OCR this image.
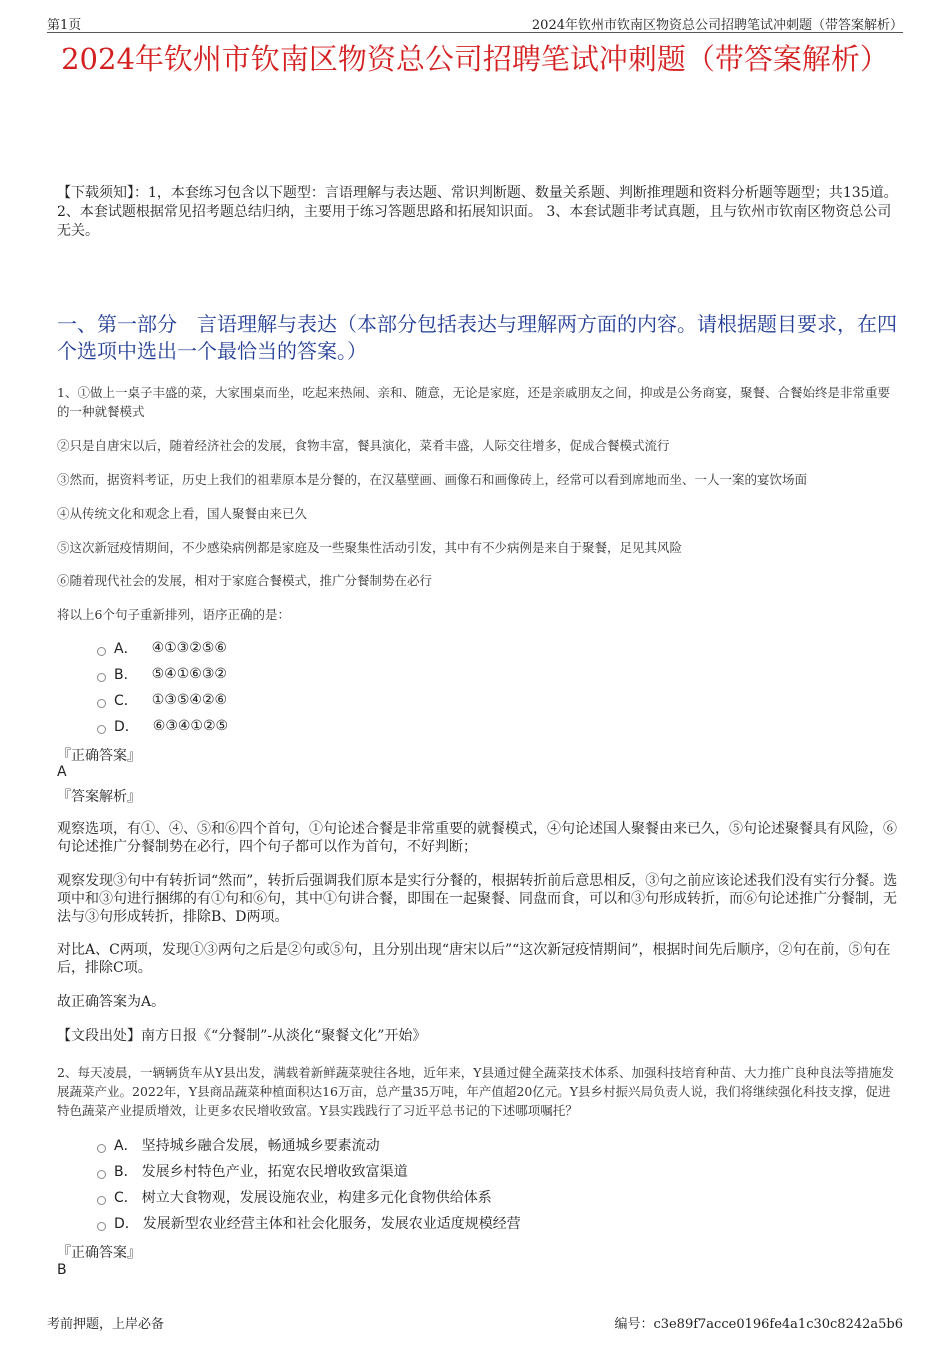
第1页	2024年钦州市钦南区物资总公司招聘笔试冲刺题（带答案解析）
2024年钦州市钦南区物资总公司招聘笔试冲刺题（带答案解析）
【下载须知】：1，本套练习包含以下题型：言语理解与表达题、常识判断题、数量关系题、判断推理题和资料分析题等题型；共135道。 2、本套试题根据常见招考题总结归纳，主要用于练习答题思路和拓展知识面。 3、本套试题非考试真题，且与钦州市钦南区物资总公司无关。
一、第一部分　言语理解与表达（本部分包括表达与理解两方面的内容。请根据题目要求，在四个选项中选出一个最恰当的答案。）
1、①做上一桌子丰盛的菜，大家围桌而坐，吃起来热闹、亲和、随意，无论是家庭，还是亲戚朋友之间，抑或是公务商宴，聚餐、合餐始终是非常重要的一种就餐模式
②只是自唐宋以后，随着经济社会的发展，食物丰富，餐具演化，菜肴丰盛，人际交往增多，促成合餐模式流行
③然而，据资料考证，历史上我们的祖辈原本是分餐的，在汉墓壁画、画像石和画像砖上，经常可以看到席地而坐、一人一案的宴饮场面
④从传统文化和观念上看，国人聚餐由来已久
⑤这次新冠疫情期间，不少感染病例都是家庭及一些聚集性活动引发，其中有不少病例是来自于聚餐，足见其风险
⑥随着现代社会的发展，相对于家庭合餐模式，推广分餐制势在必行
将以上6个句子重新排列，语序正确的是：
A． ④①③②⑤⑥
B． ⑤④①⑥③②
C． ①③⑤④②⑥
D． ⑥③④①②⑤
『正确答案』
A
『答案解析』
观察选项，有①、④、⑤和⑥四个首句，①句论述合餐是非常重要的就餐模式，④句论述国人聚餐由来已久，⑤句论述聚餐具有风险，⑥句论述推广分餐制势在必行，四个句子都可以作为首句，不好判断；
观察发现③句中有转折词“然而”，转折后强调我们原本是实行分餐的，根据转折前后意思相反，③句之前应该论述我们没有实行分餐。选项中和③句进行捆绑的有①句和⑥句，其中①句讲合餐，即围在一起聚餐、同盘而食，可以和③句形成转折，而⑥句论述推广分餐制，无法与③句形成转折，排除B、D两项。
对比A、C两项，发现①③两句之后是②句或⑤句，且分别出现“唐宋以后”“这次新冠疫情期间”，根据时间先后顺序，②句在前，⑤句在后，排除C项。
故正确答案为A。
【文段出处】南方日报《“分餐制”-从淡化“聚餐文化”开始》
2、每天凌晨，一辆辆货车从Y县出发，满载着新鲜蔬菜驶往各地，近年来，Y县通过健全蔬菜技术体系、加强科技培育种苗、大力推广良种良法等措施发展蔬菜产业。2022年，Y县商品蔬菜种植面积达16万亩，总产量35万吨，年产值超20亿元。Y县乡村振兴局负责人说，我们将继续强化科技支撑，促进特色蔬菜产业提质增效，让更多农民增收致富。Y县实践践行了习近平总书记的下述哪项嘱托？
A． 坚持城乡融合发展，畅通城乡要素流动
B． 发展乡村特色产业，拓宽农民增收致富渠道
C． 树立大食物观，发展设施农业，构建多元化食物供给体系
D． 发展新型农业经营主体和社会化服务，发展农业适度规模经营
『正确答案』
B
考前押题，上岸必备	编号：c3e89f7acce0196fe4a1c30c8242a5b6
